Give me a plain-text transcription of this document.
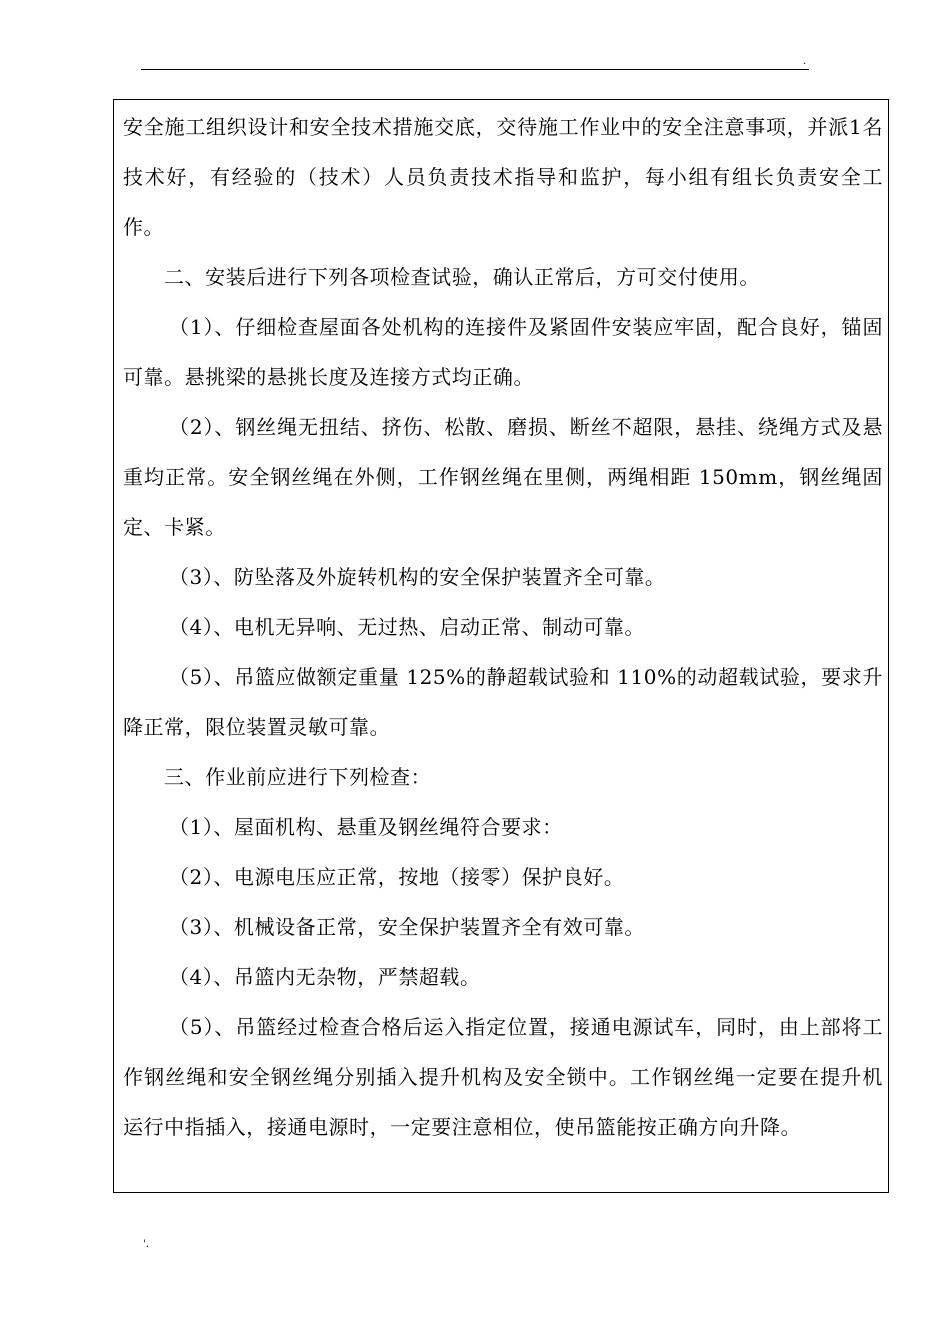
.

安全施工组织设计和安全技术措施交底，交待施工作业中的安全注意事项，并派1名技术好，有经验的（技术）人员负责技术指导和监护，每小组有组长负责安全工作。

二、安装后进行下列各项检查试验，确认正常后，方可交付使用。

（1）、仔细检查屋面各处机构的连接件及紧固件安装应牢固，配合良好，锚固可靠。悬挑梁的悬挑长度及连接方式均正确。

（2）、钢丝绳无扭结、挤伤、松散、磨损、断丝不超限，悬挂、绕绳方式及悬重均正常。安全钢丝绳在外侧，工作钢丝绳在里侧，两绳相距 150mm，钢丝绳固定、卡紧。

（3）、防坠落及外旋转机构的安全保护装置齐全可靠。

（4）、电机无异响、无过热、启动正常、制动可靠。

（5）、吊篮应做额定重量 125%的静超载试验和 110%的动超载试验，要求升降正常，限位装置灵敏可靠。

三、作业前应进行下列检查：

（1）、屋面机构、悬重及钢丝绳符合要求：

（2）、电源电压应正常，按地（接零）保护良好。

（3）、机械设备正常，安全保护装置齐全有效可靠。

（4）、吊篮内无杂物，严禁超载。

（5）、吊篮经过检查合格后运入指定位置，接通电源试车，同时，由上部将工作钢丝绳和安全钢丝绳分别插入提升机构及安全锁中。工作钢丝绳一定要在提升机运行中指插入，接通电源时，一定要注意相位，使吊篮能按正确方向升降。

'.
